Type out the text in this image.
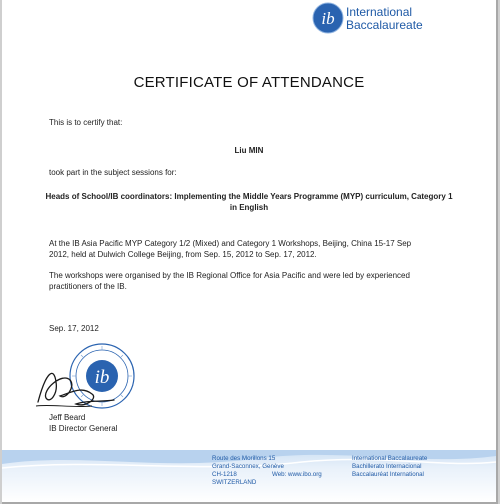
ib International
Baccalaureate
CERTIFICATE OF ATTENDANCE
This is to certify that:
Liu MIN
took part in the subject sessions for:
Heads of School/IB coordinators: Implementing the Middle Years Programme (MYP) curriculum, Category 1
in English
At the IB Asia Pacific MYP Category 1/2 (Mixed) and Category 1 Workshops, Beijing, China 15-17 Sep
2012, held at Dulwich College Beijing, from Sep. 15, 2012 to Sep. 17, 2012.
The workshops were organised by the IB Regional Office for Asia Pacific and were led by experienced
practitioners of the IB.
Sep. 17, 2012
ib
Jeff Beard
IB Director General
Route des Morillons 15
Grand-Saconnex, Genève
CH-1218
SWITZERLAND
Web: www.ibo.org
International Baccalaureate
Bachillerato Internacional
Baccalauréat International
